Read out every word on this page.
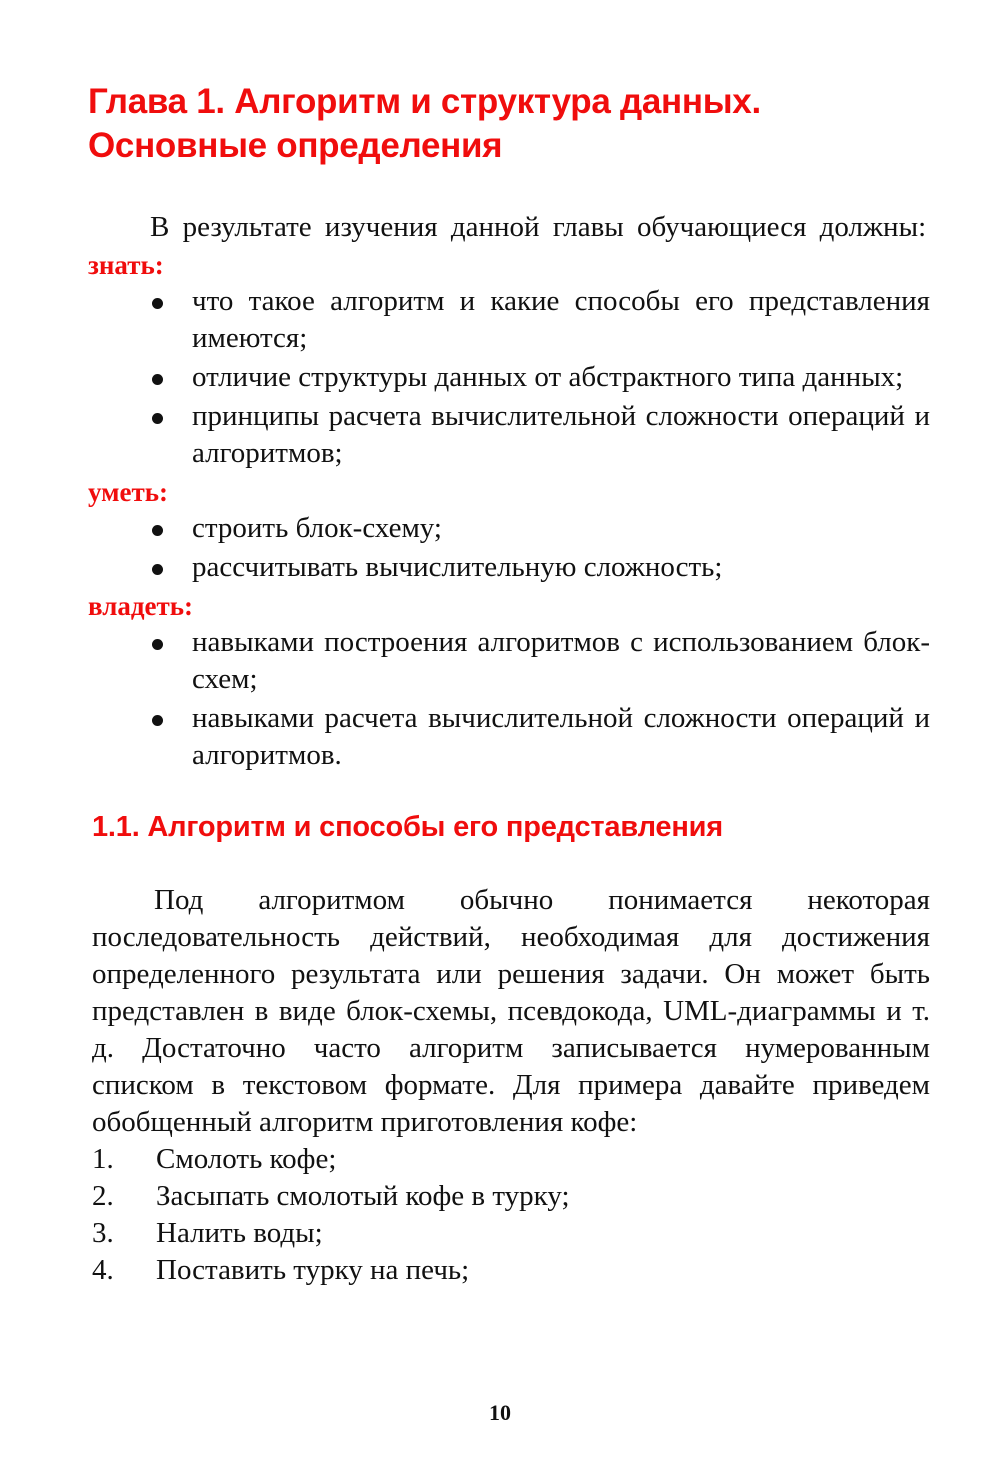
Глава 1. Алгоритм и структура данных. Основные определения

В результате изучения данной главы обучающиеся должны:

знать:
что такое алгоритм и какие способы его представления имеются;
отличие структуры данных от абстрактного типа данных;
принципы расчета вычислительной сложности операций и алгоритмов;
уметь:
строить блок-схему;
рассчитывать вычислительную сложность;
владеть:
навыками построения алгоритмов с использованием блок-схем;
навыками расчета вычислительной сложности операций и алгоритмов.
1.1. Алгоритм и способы его представления

Под алгоритмом обычно понимается некоторая последовательность действий, необходимая для достижения определенного результата или решения задачи. Он может быть представлен в виде блок-схемы, псевдокода, UML-диаграммы и т. д. Достаточно часто алгоритм записывается нумерованным списком в текстовом формате. Для примера давайте приведем обобщенный алгоритм приготовления кофе:

1. Смолоть кофе;
2. Засыпать смолотый кофе в турку;
3. Налить воды;
4. Поставить турку на печь;
10
